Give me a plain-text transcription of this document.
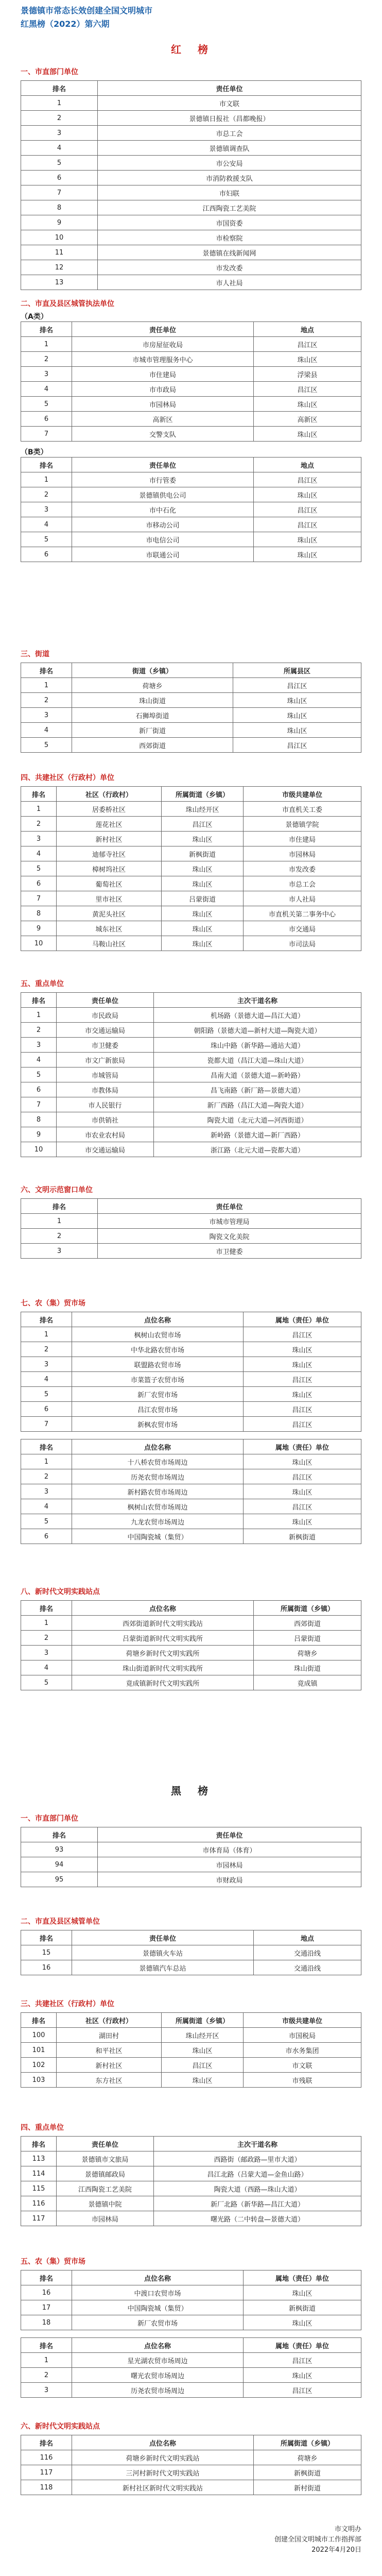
景德镇市常态长效创建全国文明城市
红黑榜（2022）第六期
红　榜
一、市直部门单位
排名	责任单位
1	市文联
2	景德镇日报社（昌都晚报）
3	市总工会
4	景德镇调查队
5	市公安局
6	市消防救援支队
7	市妇联
8	江西陶瓷工艺美院
9	市国资委
10	市检察院
11	景德镇在线新闻网
12	市发改委
13	市人社局
二、市直及县区城管执法单位
（A类）
排名	责任单位	地点
1	市房屋征收局	昌江区
2	市城市管理服务中心	珠山区
3	市住建局	浮梁县
4	市市政局	昌江区
5	市园林局	珠山区
6	高新区	高新区
7	交警支队	珠山区
（B类）
排名	责任单位	地点
1	市行管委	昌江区
2	景德镇供电公司	珠山区
3	市中石化	昌江区
4	市移动公司	昌江区
5	市电信公司	珠山区
6	市联通公司	珠山区
三、街道
排名	街道（乡镇）	所属县区
1	荷塘乡	昌江区
2	珠山街道	珠山区
3	石狮埠街道	珠山区
4	新厂街道	珠山区
5	西郊街道	昌江区
四、共建社区（行政村）单位
排名	社区（行政村）	所属街道（乡镇）	市级共建单位
1	居委桥社区	珠山经开区	市直机关工委
2	莲花社区	昌江区	景德镇学院
3	新村社区	珠山区	市住建局
4	迪郁寺社区	新枫街道	市园林局
5	樟树坞社区	珠山区	市发改委
6	葡萄社区	珠山区	市总工会
7	里市社区	吕蒙街道	市人社局
8	黄泥头社区	珠山区	市直机关第二事务中心
9	城东社区	珠山区	市交通局
10	马鞍山社区	珠山区	市司法局
五、重点单位
排名	责任单位	主次干道名称
1	市民政局	机场路（景德大道—昌江大道）
2	市交通运输局	朝阳路（景德大道—新村大道—陶瓷大道）
3	市卫健委	珠山中路（新华路—通站大道）
4	市文广新旅局	瓷都大道（昌江大道—珠山大道）
5	市城管局	昌南大道（景德大道—新岭路）
6	市教体局	昌飞南路（新厂路—景德大道）
7	市人民银行	新厂西路（昌江大道—陶瓷大道）
8	市供销社	陶瓷大道（北元大道—河西街道）
9	市农业农村局	新岭路（景德大道—新厂西路）
10	市交通运输局	浙江路（北元大道—瓷都大道）
六、文明示范窗口单位
排名	责任单位
1	市城市管理局
2	陶瓷文化美院
3	市卫健委
七、农（集）贸市场
排名	点位名称	属地（责任）单位
1	枫树山农贸市场	昌江区
2	中华北路农贸市场	珠山区
3	联盟路农贸市场	珠山区
4	市菜篮子农贸市场	昌江区
5	新厂农贸市场	珠山区
6	昌江农贸市场	昌江区
7	新枫农贸市场	昌江区
排名	点位名称	属地（责任）单位
1	十八桥农贸市场周边	珠山区
2	历尧农贸市场周边	昌江区
3	新村路农贸市场周边	珠山区
4	枫树山农贸市场周边	昌江区
5	九龙农贸市场周边	珠山区
6	中国陶瓷城（集贸）	新枫街道
八、新时代文明实践站点
排名	点位名称	所属街道（乡镇）
1	西郊街道新时代文明实践站	西郊街道
2	吕蒙街道新时代文明实践所	吕蒙街道
3	荷塘乡新时代文明实践所	荷塘乡
4	珠山街道新时代文明实践所	珠山街道
5	竟成镇新时代文明实践所	竟成镇
黑　榜
一、市直部门单位
排名	责任单位
93	市体育局（体育）
94	市园林局
95	市财政局
二、市直及县区城管单位
排名	责任单位	地点
15	景德镇火车站	交通沿线
16	景德镇汽车总站	交通沿线
三、共建社区（行政村）单位
排名	社区（行政村）	所属街道（乡镇）	市级共建单位
100	湖田村	珠山经开区	市国税局
101	和平社区	珠山区	市水务集团
102	新村社区	昌江区	市文联
103	东方社区	珠山区	市残联
四、重点单位
排名	责任单位	主次干道名称
113	景德镇市文旅局	西路街（邮政路—里市大道）
114	景德镇邮政局	昌江北路（吕蒙大道—金鱼山路）
115	江西陶瓷工艺美院	陶瓷大道（西路—珠山大道）
116	景德镇中院	新厂北路（新华路—昌江大道）
117	市园林局	曙光路（二中转盘—景德大道）
五、农（集）贸市场
排名	点位名称	属地（责任）单位
16	中渡口农贸市场	珠山区
17	中国陶瓷城（集贸）	新枫街道
18	新厂农贸市场	珠山区
排名	点位名称	属地（责任）单位
1	星光湖农贸市场周边	昌江区
2	曙光农贸市场周边	珠山区
3	历尧农贸市场周边	昌江区
六、新时代文明实践站点
排名	点位名称	所属街道（乡镇）
116	荷塘乡新时代文明实践站	荷塘乡
117	三河村新时代文明实践站	新枫街道
118	新村社区新时代文明实践站	新村街道
市文明办
创建全国文明城市工作指挥部
2022年4月20日
